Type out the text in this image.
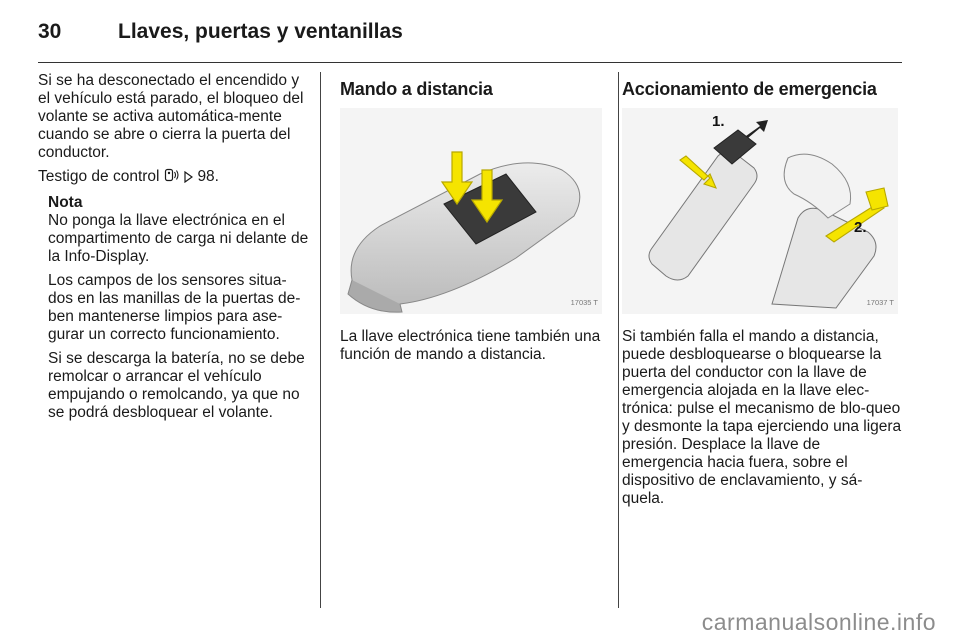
30	Llaves, puertas y ventanillas

Si se ha desconectado el encendido y el vehículo está parado, el bloqueo del volante se activa automática-mente cuando se abre o cierra la puerta del conductor.

Testigo de control 98.

Nota

No ponga la llave electrónica en el compartimento de carga ni delante de la Info-Display.

Los campos de los sensores situa-dos en las manillas de la puertas de-ben mantenerse limpios para ase-gurar un correcto funcionamiento.

Si se descarga la batería, no se debe remolcar o arrancar el vehículo empujando o remolcando, ya que no se podrá desbloquear el volante.

Mando a distancia
17035 T

La llave electrónica tiene también una función de mando a distancia.

Accionamiento de emergencia
1.
2.
17037 T

Si también falla el mando a distancia, puede desbloquearse o bloquearse la puerta del conductor con la llave de emergencia alojada en la llave elec-trónica: pulse el mecanismo de blo-queo y desmonte la tapa ejerciendo una ligera presión. Desplace la llave de emergencia hacia fuera, sobre el dispositivo de enclavamiento, y sá-quela.

carmanualsonline.info
